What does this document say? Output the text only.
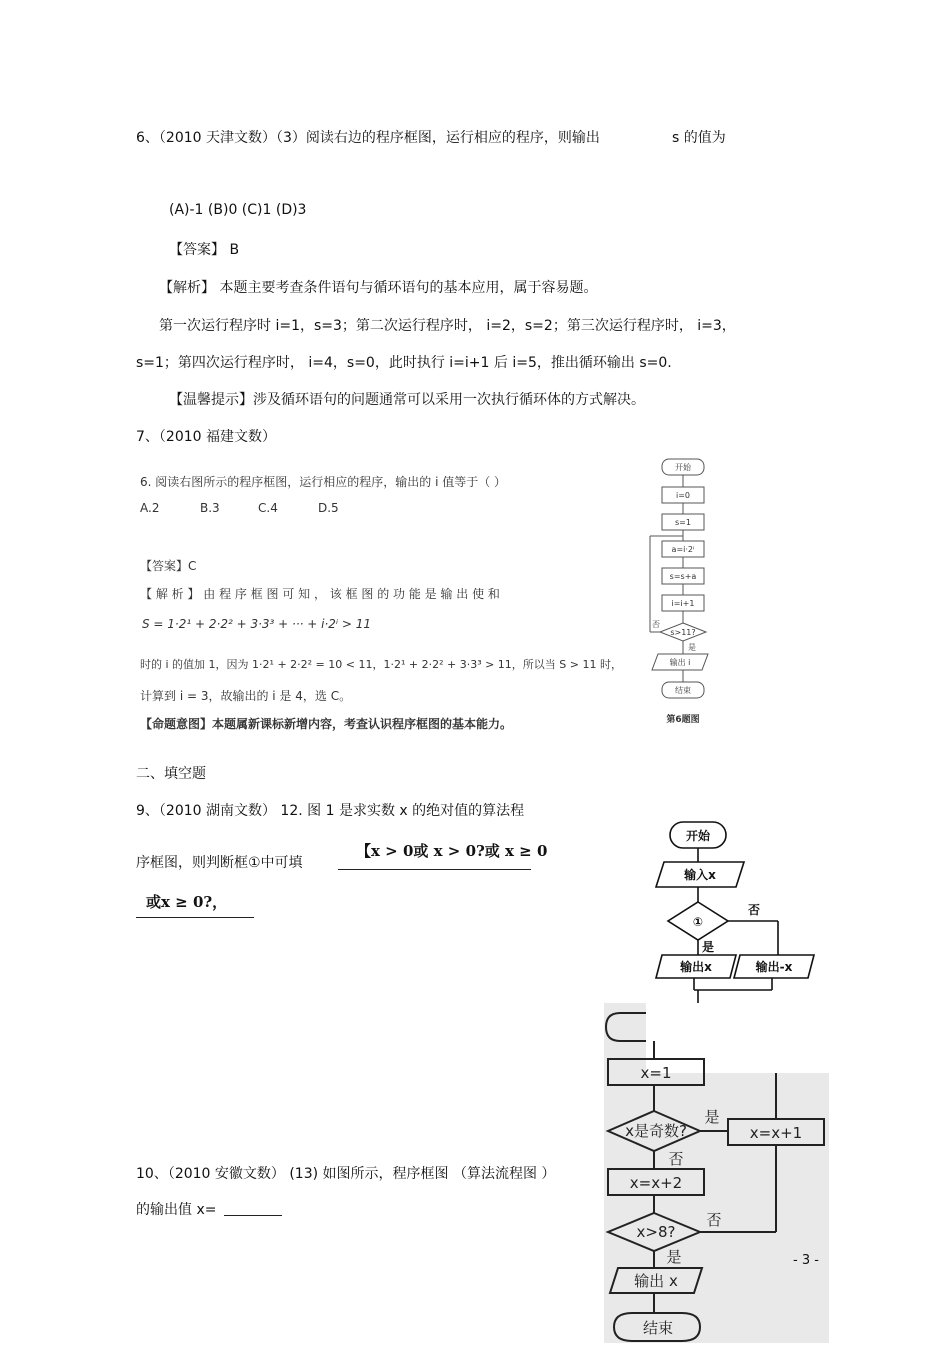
6、（2010 天津文数）（3）阅读右边的程序框图，运行相应的程序，则输出	s 的值为
(A)-1 (B)0 (C)1 (D)3
【答案】 B
【解析】 本题主要考查条件语句与循环语句的基本应用，属于容易题。
第一次运行程序时 i=1，s=3；第二次运行程序时， i=2，s=2；第三次运行程序时， i=3，
s=1；第四次运行程序时， i=4，s=0，此时执行 i=i+1 后 i=5，推出循环输出 s=0.
【温馨提示】涉及循环语句的问题通常可以采用一次执行循环体的方式解决。
7、（2010 福建文数）
6. 阅读右图所示的程序框图，运行相应的程序，输出的 i 值等于（ ）
A.2	B.3	C.4	D.5
【答案】C
【 解 析 】 由 程 序 框 图 可 知 ， 该 框 图 的 功 能 是 输 出 使 和
S = 1·2¹ + 2·2² + 3·3³ + ··· + i·2ⁱ > 11
时的 i 的值加 1，因为 1·2¹ + 2·2² = 10 < 11，1·2¹ + 2·2² + 3·3³ > 11，所以当 S > 11 时，
计算到 i = 3，故输出的 i 是 4，选 C。
【命题意图】本题属新课标新增内容，考查认识程序框图的基本能力。
开始
i=0
s=1
a=i·2ⁱ
s=s+a
i=i+1
s>11?
否
是
输出 i
结束
第6题图
二、填空题
9、（2010 湖南文数） 12. 图 1 是求实数 x 的绝对值的算法程
序框图，则判断框①中可填
【x > 0或 x > 0?或 x ≥ 0
或x ≥ 0?，
开始
输入x
①
否
是
输出x	输出-x
10、（2010 安徽文数） (13) 如图所示，程序框图 （算法流程图 ）
的输出值 x=
x=1
x是奇数?
是
x=x+1
否
x=x+2
x>8?
否
是
输出 x
结束
- 3 -
